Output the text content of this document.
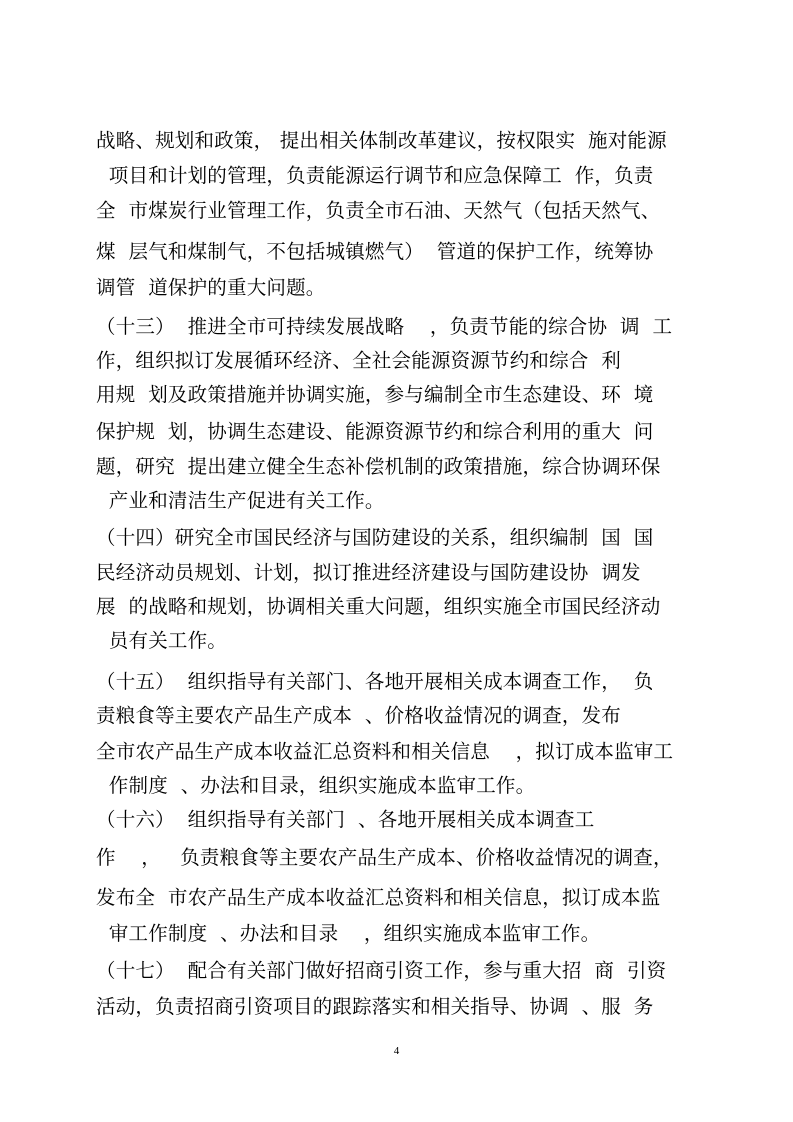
战略、规划和政策， 提出相关体制改革建议，按权限实  施对能源
项目和计划的管理，负责能源运行调节和应急保障工  作，负责
全  市煤炭行业管理工作，负责全市石油、天然气（包括天然气、
煤  层气和煤制气，不包括城镇燃气）  管道的保护工作，统筹协
调管  道保护的重大问题。
（十三）  推进全市可持续发展战略    ，负责节能的综合协  调  工
作，组织拟订发展循环经济、全社会能源资源节约和综合  利
用规  划及政策措施并协调实施，参与编制全市生态建设、环  境
保护规  划，协调生态建设、能源资源节约和综合利用的重大  问
题，研究  提出建立健全生态补偿机制的政策措施，综合协调环保
产业和清洁生产促进有关工作。
（十四）研究全市国民经济与国防建设的关系，组织编制  国  国
民经济动员规划、计划，拟订推进经济建设与国防建设协  调发
展  的战略和规划，协调相关重大问题，组织实施全市国民经济动
员有关工作。
（十五）  组织指导有关部门、各地开展相关成本调查工作，  负
责粮食等主要农产品生产成本  、价格收益情况的调查，发布
全市农产品生产成本收益汇总资料和相关信息    ，拟订成本监审工
作制度  、办法和目录，组织实施成本监审工作。
（十六）  组织指导有关部门  、各地开展相关成本调查工
作    ，   负责粮食等主要农产品生产成本、价格收益情况的调查，
发布全  市农产品生产成本收益汇总资料和相关信息，拟订成本监
审工作制度  、办法和目录    ，组织实施成本监审工作。
（十七）  配合有关部门做好招商引资工作，参与重大招  商  引资
活动，负责招商引资项目的跟踪落实和相关指导、协调  、服  务
4
